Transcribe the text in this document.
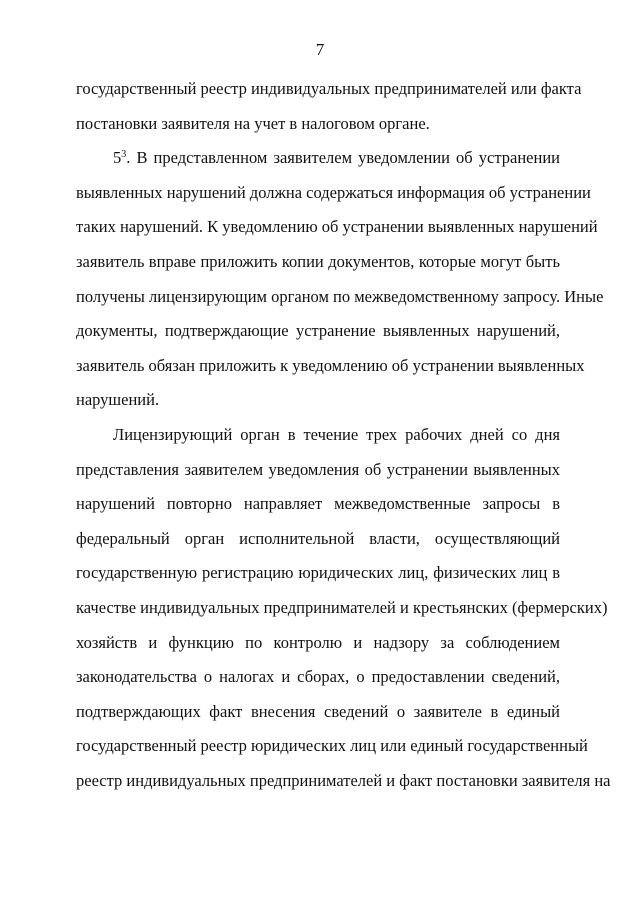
7
государственный реестр индивидуальных предпринимателей или факта
постановки заявителя на учет в налоговом органе.
$5^3$. В представленном заявителем уведомлении об устранении
выявленных нарушений должна содержаться информация об устранении
таких нарушений. К уведомлению об устранении выявленных нарушений
заявитель вправе приложить копии документов, которые могут быть
получены лицензирующим органом по межведомственному запросу. Иные
документы, подтверждающие устранение выявленных нарушений,
заявитель обязан приложить к уведомлению об устранении выявленных
нарушений.
Лицензирующий орган в течение трех рабочих дней со дня
представления заявителем уведомления об устранении выявленных
нарушений повторно направляет межведомственные запросы в
федеральный орган исполнительной власти, осуществляющий
государственную регистрацию юридических лиц, физических лиц в
качестве индивидуальных предпринимателей и крестьянских (фермерских)
хозяйств и функцию по контролю и надзору за соблюдением
законодательства о налогах и сборах, о предоставлении сведений,
подтверждающих факт внесения сведений о заявителе в единый
государственный реестр юридических лиц или единый государственный
реестр индивидуальных предпринимателей и факт постановки заявителя на
